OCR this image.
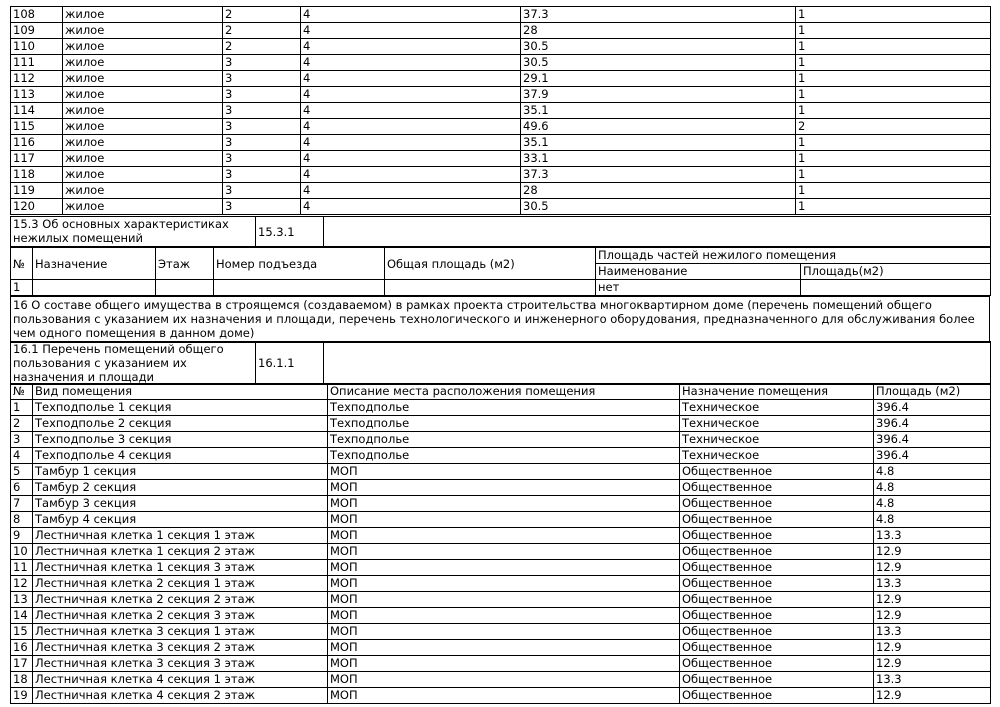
108	жилое	2	4	37.3	1
109	жилое	2	4	28	1
110	жилое	2	4	30.5	1
111	жилое	3	4	30.5	1
112	жилое	3	4	29.1	1
113	жилое	3	4	37.9	1
114	жилое	3	4	35.1	1
115	жилое	3	4	49.6	2
116	жилое	3	4	35.1	1
117	жилое	3	4	33.1	1
118	жилое	3	4	37.3	1
119	жилое	3	4	28	1
120	жилое	3	4	30.5	1
15.3 Об основных характеристиках нежилых помещений	15.3.1	
№	Назначение	Этаж	Номер подъезда	Общая площадь (м2)	Площадь частей нежилого помещения	
					Наименование	Площадь(м2)
1					нет	
16 О составе общего имущества в строящемся (создаваемом) в рамках проекта строительства многоквартирном доме (перечень помещений общего пользования с указанием их назначения и площади, перечень технологического и инженерного оборудования, предназначенного для обслуживания более чем одного помещения в данном доме)
16.1 Перечень помещений общего пользования с указанием их назначения и площади	16.1.1	
№	Вид помещения	Описание места расположения помещения	Назначение помещения	Площадь (м2)
1	Техподполье 1 секция	Техподполье	Техническое	396.4
2	Техподполье 2 секция	Техподполье	Техническое	396.4
3	Техподполье 3 секция	Техподполье	Техническое	396.4
4	Техподполье 4 секция	Техподполье	Техническое	396.4
5	Тамбур 1 секция	МОП	Общественное	4.8
6	Тамбур 2 секция	МОП	Общественное	4.8
7	Тамбур 3 секция	МОП	Общественное	4.8
8	Тамбур 4 секция	МОП	Общественное	4.8
9	Лестничная клетка 1 секция 1 этаж	МОП	Общественное	13.3
10	Лестничная клетка 1 секция 2 этаж	МОП	Общественное	12.9
11	Лестничная клетка 1 секция 3 этаж	МОП	Общественное	12.9
12	Лестничная клетка 2 секция 1 этаж	МОП	Общественное	13.3
13	Лестничная клетка 2 секция 2 этаж	МОП	Общественное	12.9
14	Лестничная клетка 2 секция 3 этаж	МОП	Общественное	12.9
15	Лестничная клетка 3 секция 1 этаж	МОП	Общественное	13.3
16	Лестничная клетка 3 секция 2 этаж	МОП	Общественное	12.9
17	Лестничная клетка 3 секция 3 этаж	МОП	Общественное	12.9
18	Лестничная клетка 4 секция 1 этаж	МОП	Общественное	13.3
19	Лестничная клетка 4 секция 2 этаж	МОП	Общественное	12.9
